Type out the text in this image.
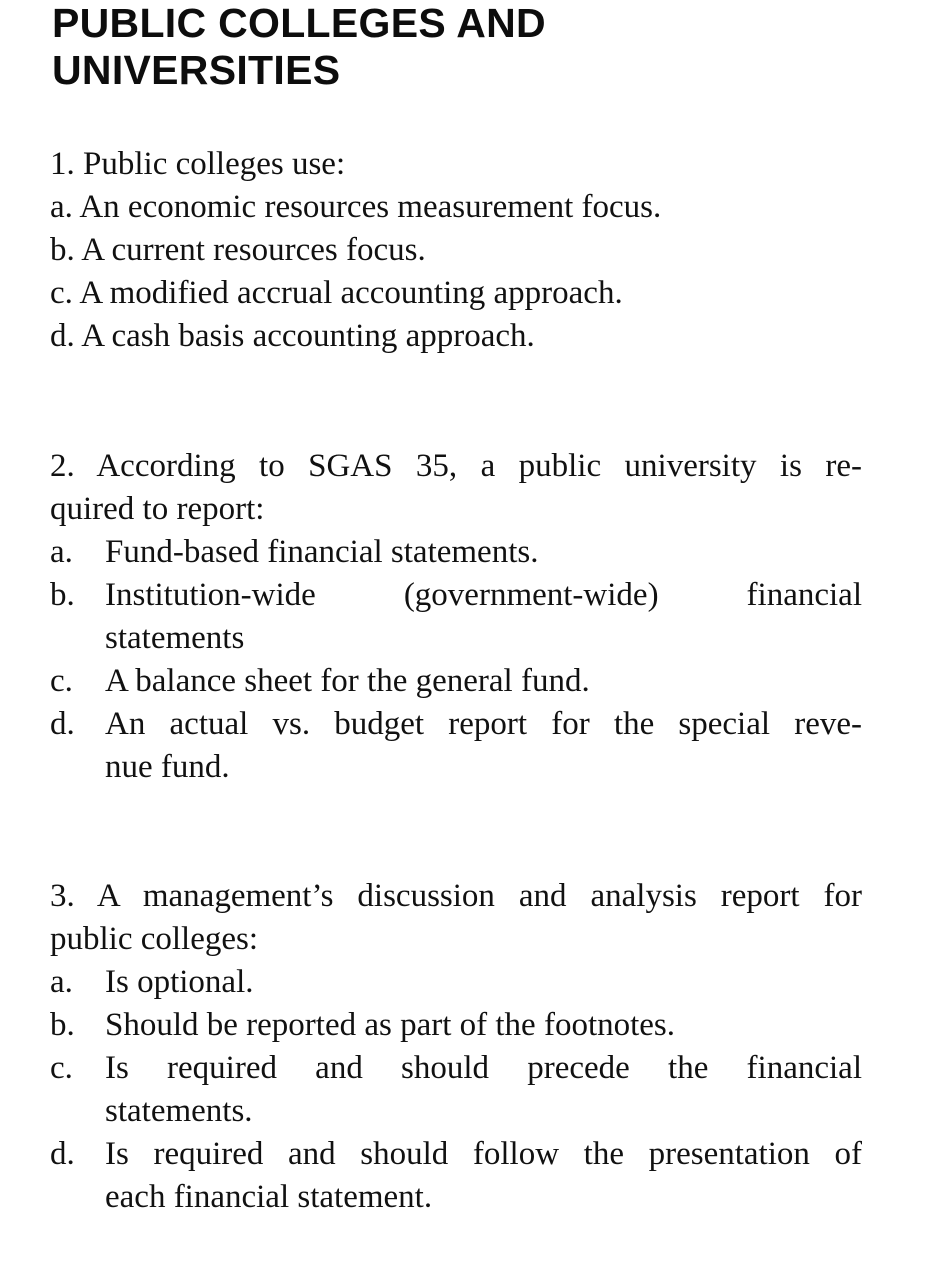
PUBLIC COLLEGES AND
UNIVERSITIES

1. Public colleges use:

a. An economic resources measurement focus.

b. A current resources focus.

c. A modified accrual accounting approach.

d. A cash basis accounting approach.

2. According to SGAS 35, a public university is re-
quired to report:

a. Fund-based financial statements.
b. Institution-wide (government-wide) financial
statements
c. A balance sheet for the general fund.
d. An actual vs. budget report for the special reve-
nue fund.

3. A management’s discussion and analysis report for
public colleges:

a. Is optional.
b. Should be reported as part of the footnotes.
c. Is required and should precede the financial
statements.
d. Is required and should follow the presentation of
each financial statement.
